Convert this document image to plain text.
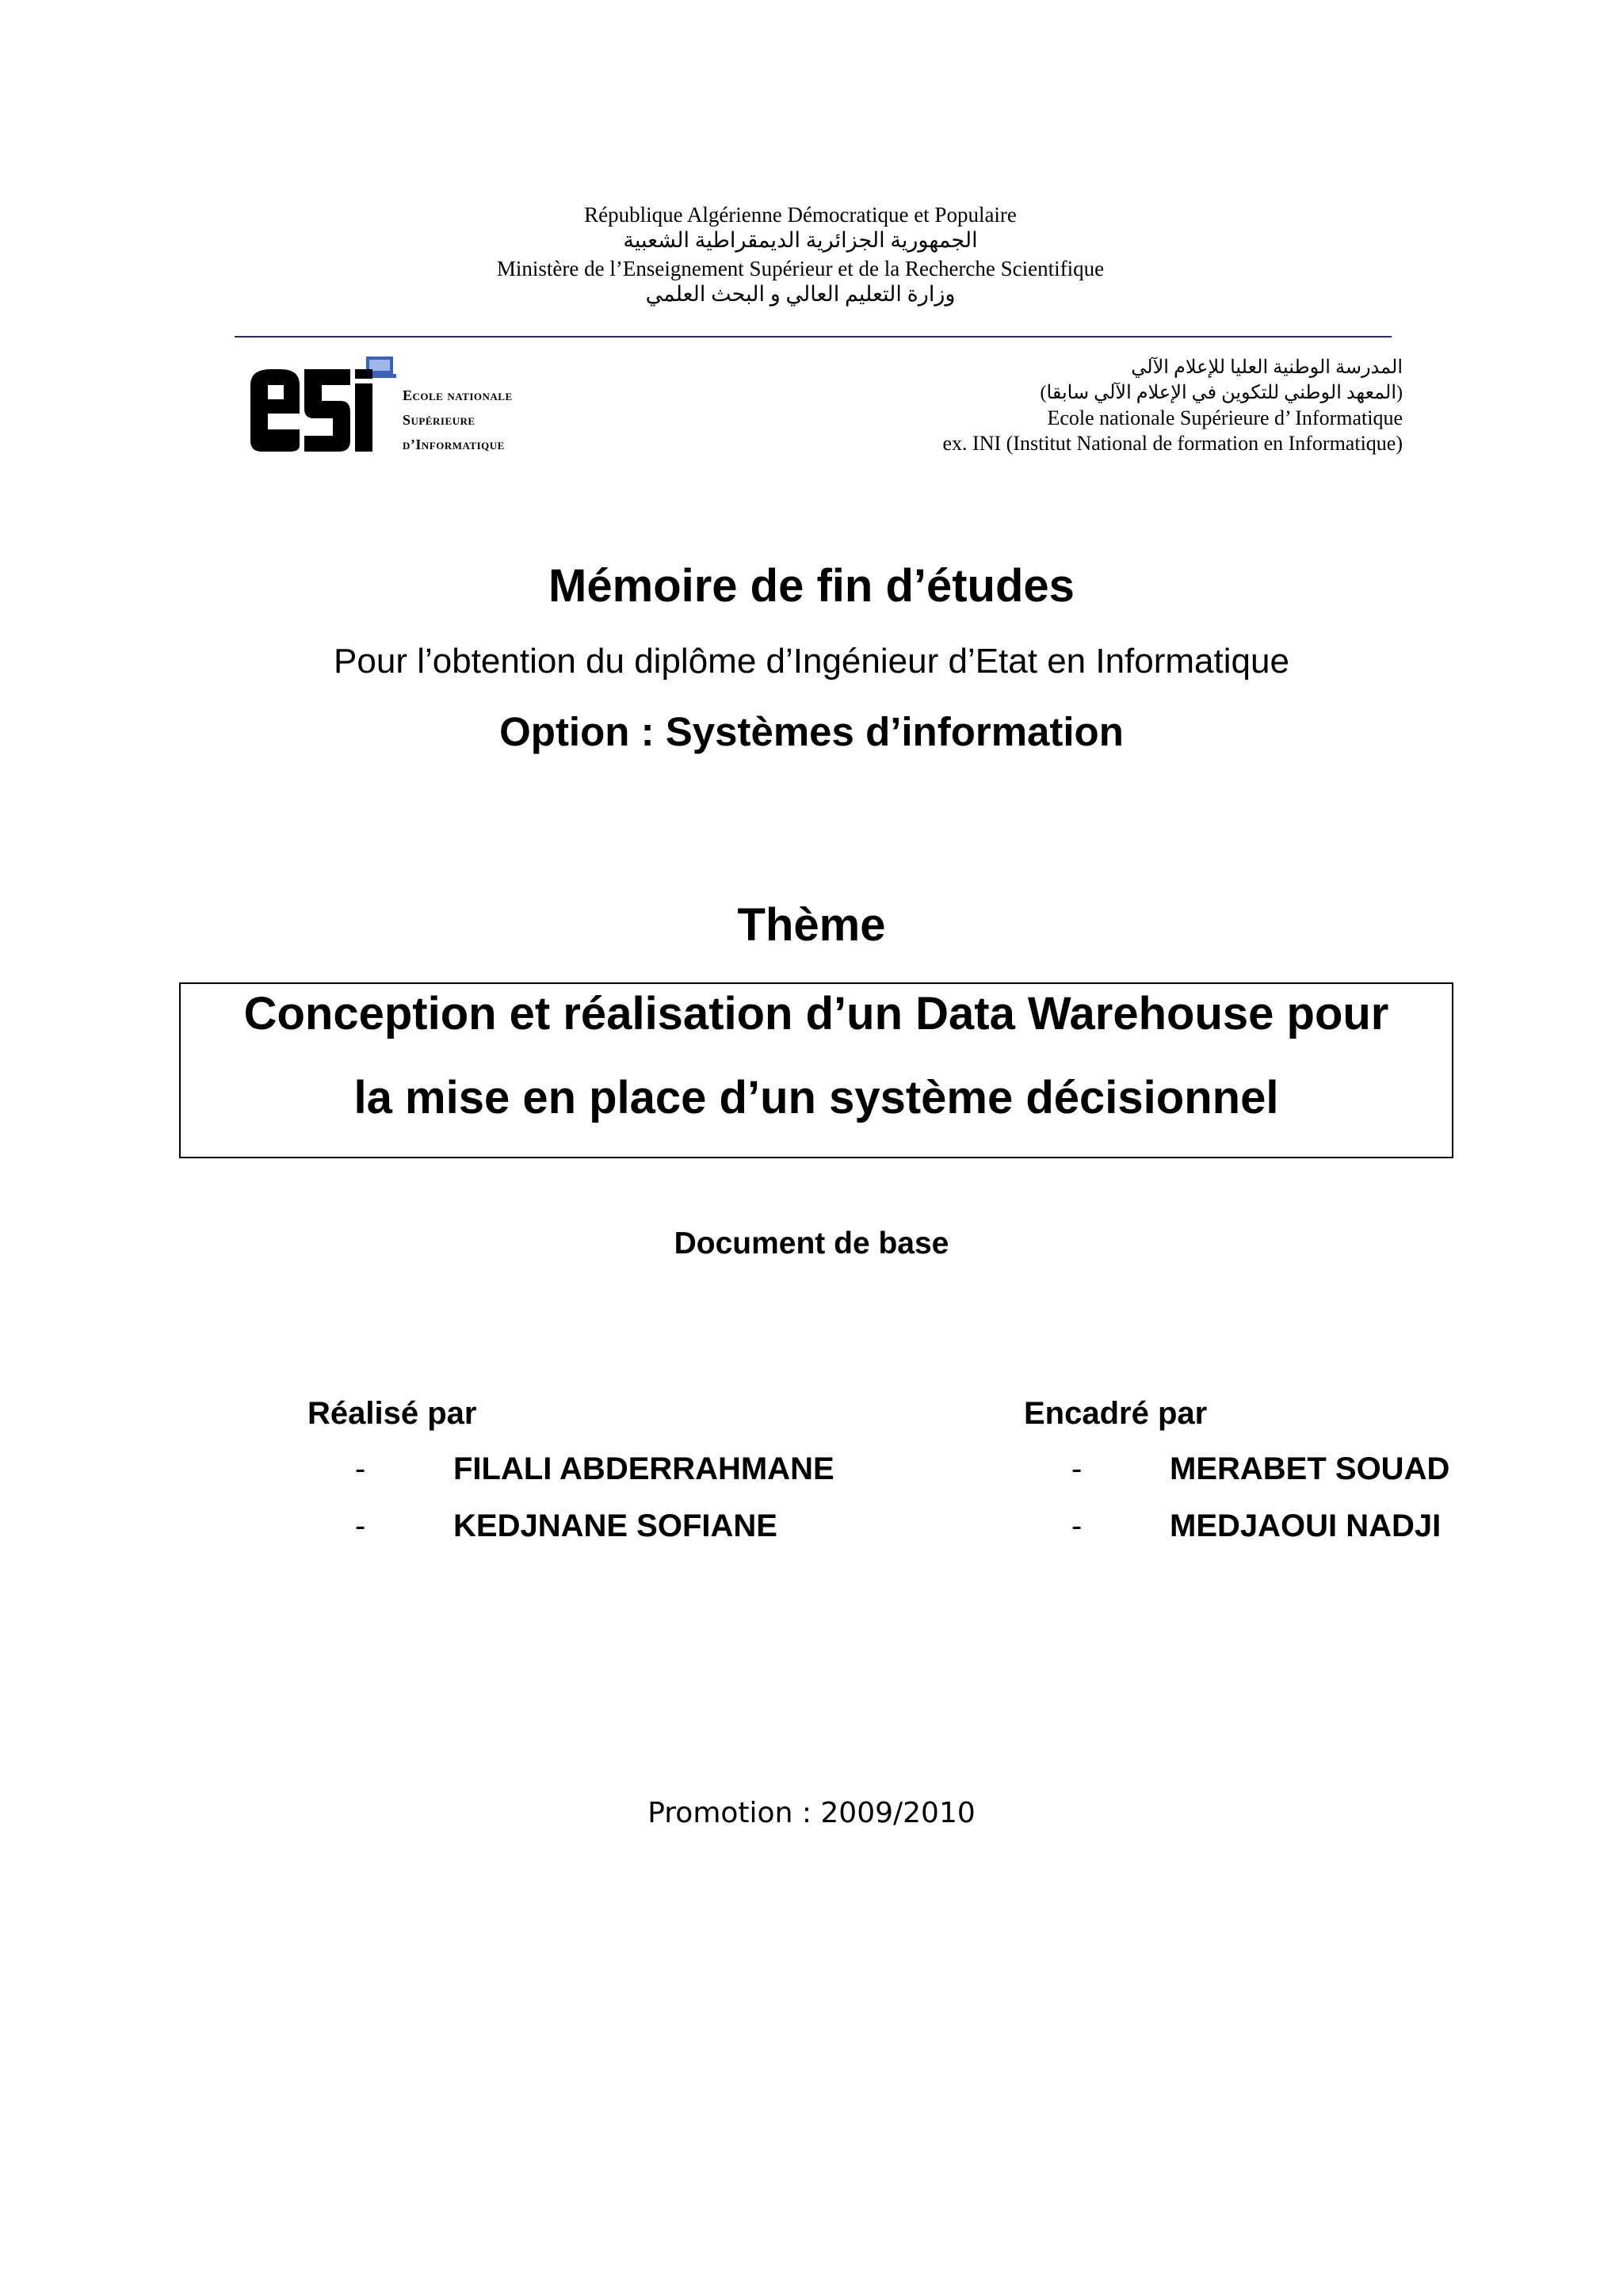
République Algérienne Démocratique et Populaire
الجمهورية الجزائرية الديمقراطية الشعبية
Ministère de l’Enseignement Supérieur et de la Recherche Scientifique
وزارة التعليم العالي و البحث العلمي
Ecole nationale
Supérieure
d’Informatique
المدرسة الوطنية العليا للإعلام الآلي
(المعهد الوطني للتكوين في الإعلام الآلي سابقا)
Ecole nationale Supérieure d’ Informatique
ex. INI (Institut National de formation en Informatique)
Mémoire de fin d’études
Pour l’obtention du diplôme d’Ingénieur d’Etat en Informatique
Option : Systèmes d’information
Thème
Conception et réalisation d’un Data Warehouse pour
la mise en place d’un système décisionnel
Document de base
Réalisé par
-	FILALI ABDERRAHMANE
-	KEDJNANE SOFIANE
Encadré par
-	MERABET SOUAD
-	MEDJAOUI NADJI
Promotion : 2009/2010
